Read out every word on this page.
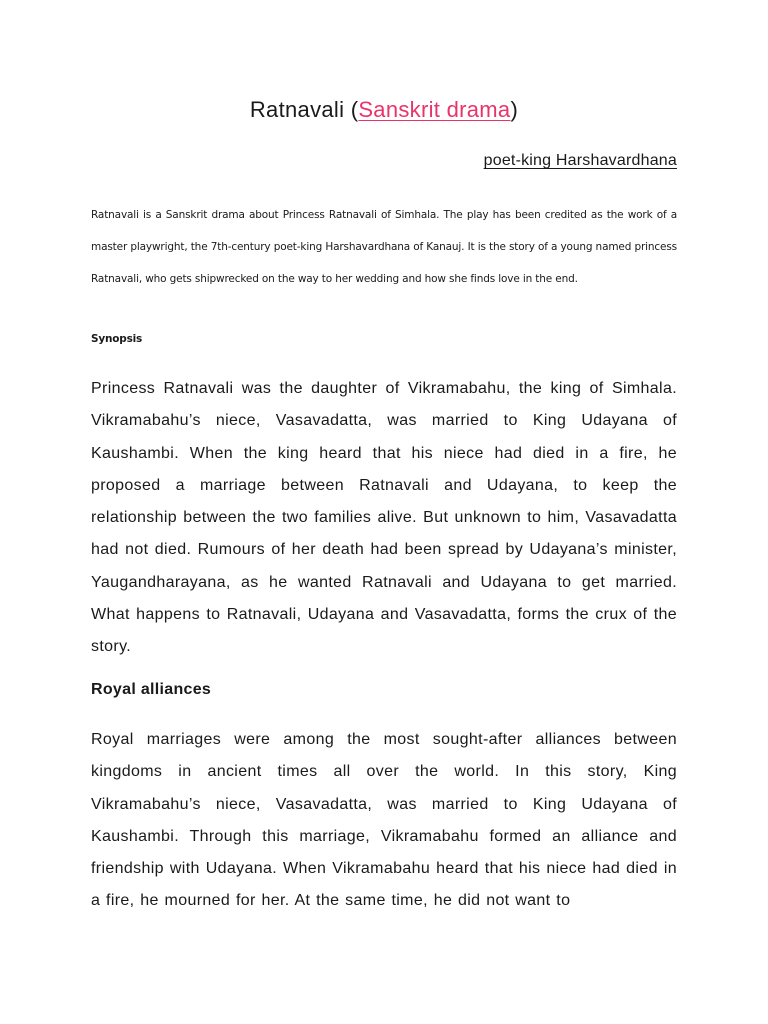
Ratnavali (Sanskrit drama)
poet-king Harshavardhana

Ratnavali is a Sanskrit drama about Princess Ratnavali of Simhala. The play has been credited as the work of a master playwright, the 7th-century poet-king Harshavardhana of Kanauj. It is the story of a young named princess Ratnavali, who gets shipwrecked on the way to her wedding and how she finds love in the end.

Synopsis

Princess Ratnavali was the daughter of Vikramabahu, the king of Simhala. Vikramabahu’s niece, Vasavadatta, was married to King Udayana of Kaushambi. When the king heard that his niece had died in a fire, he proposed a marriage between Ratnavali and Udayana, to keep the relationship between the two families alive. But unknown to him, Vasavadatta had not died. Rumours of her death had been spread by Udayana’s minister, Yaugandharayana, as he wanted Ratnavali and Udayana to get married. What happens to Ratnavali, Udayana and Vasavadatta, forms the crux of the story.

Royal alliances

Royal marriages were among the most sought-after alliances between kingdoms in ancient times all over the world. In this story, King Vikramabahu’s niece, Vasavadatta, was married to King Udayana of Kaushambi. Through this marriage, Vikramabahu formed an alliance and friendship with Udayana. When Vikramabahu heard that his niece had died in a fire, he mourned for her. At the same time, he did not want to
